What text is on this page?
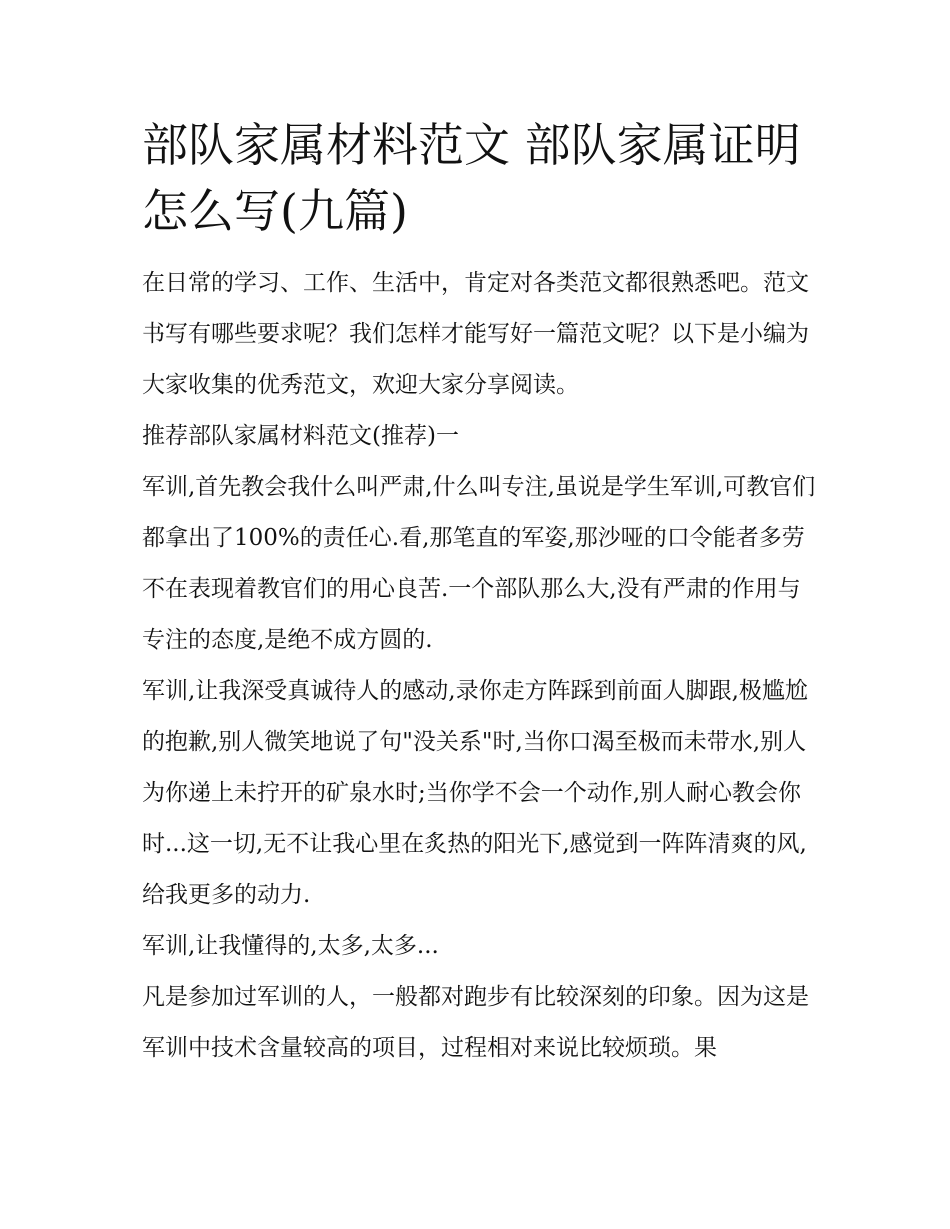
部队家属材料范文 部队家属证明怎么写(九篇)

在日常的学习、工作、生活中，肯定对各类范文都很熟悉吧。范文书写有哪些要求呢？我们怎样才能写好一篇范文呢？以下是小编为大家收集的优秀范文，欢迎大家分享阅读。

推荐部队家属材料范文(推荐)一

军训,首先教会我什么叫严肃,什么叫专注,虽说是学生军训,可教官们都拿出了100%的责任心.看,那笔直的军姿,那沙哑的口令能者多劳不在表现着教官们的用心良苦.一个部队那么大,没有严肃的作用与专注的态度,是绝不成方圆的.

军训,让我深受真诚待人的感动,录你走方阵踩到前面人脚跟,极尴尬的抱歉,别人微笑地说了句"没关系"时,当你口渴至极而未带水,别人为你递上未拧开的矿泉水时;当你学不会一个动作,别人耐心教会你时...这一切,无不让我心里在炙热的阳光下,感觉到一阵阵清爽的风,给我更多的动力.

军训,让我懂得的,太多,太多...

凡是参加过军训的人，一般都对跑步有比较深刻的印象。因为这是军训中技术含量较高的项目，过程相对来说比较烦琐。果
